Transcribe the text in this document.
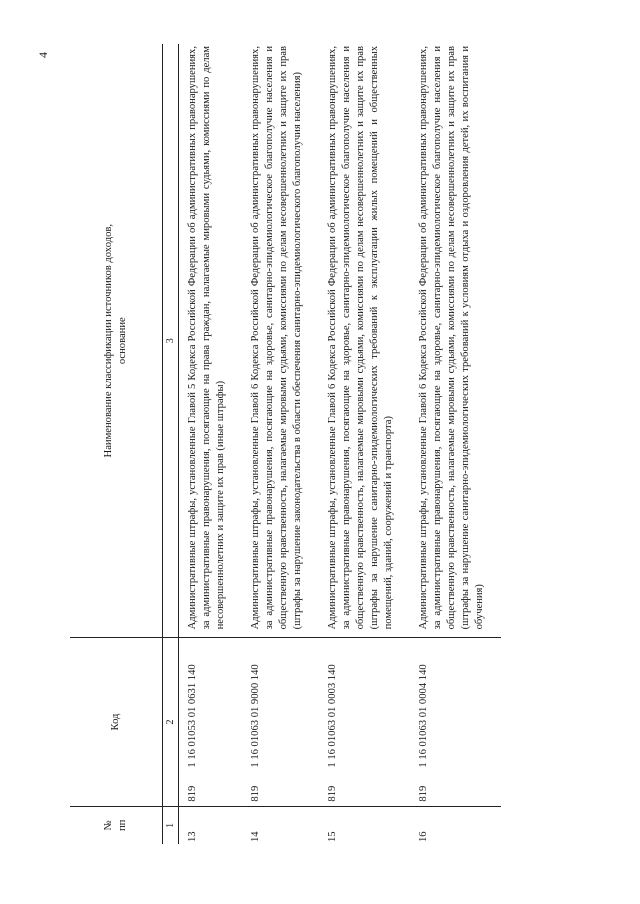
4
№
пп	Код	Наименование классификации источников доходов,
основание
1	2	3
13	8191 16 01053 01 0631 140	Административные штрафы, установленные Главой 5 Кодекса Российской Федерации об административных правонарушениях, за административные правонарушения, посягающие на права граждан, налагаемые мировыми судьями, комиссиями по делам несовершеннолетних и защите их прав (иные штрафы)
14	8191 16 01063 01 9000 140	Административные штрафы, установленные Главой 6 Кодекса Российской Федерации об административных правонарушениях, за административные правонарушения, посягающие на здоровье, санитарно-эпидемиологическое благополучие населения и общественную нравственность, налагаемые мировыми судьями, комиссиями по делам несовершеннолетних и защите их прав (штрафы за нарушение законодательства в области обеспечения санитарно-эпидемиологического благополучия населения)
15	8191 16 01063 01 0003 140	Административные штрафы, установленные Главой 6 Кодекса Российской Федерации об административных правонарушениях, за административные правонарушения, посягающие на здоровье, санитарно-эпидемиологическое благополучие населения и общественную нравственность, налагаемые мировыми судьями, комиссиями по делам несовершеннолетних и защите их прав (штрафы за нарушение санитарно-эпидемиологических требований к эксплуатации жилых помещений и общественных помещений, зданий, сооружений и транспорта)
16	8191 16 01063 01 0004 140	Административные штрафы, установленные Главой 6 Кодекса Российской Федерации об административных правонарушениях, за административные правонарушения, посягающие на здоровье, санитарно-эпидемиологическое благополучие населения и общественную нравственность, налагаемые мировыми судьями, комиссиями по делам несовершеннолетних и защите их прав (штрафы за нарушение санитарно-эпидемиологических требований к условиям отдыха и оздоровления детей, их воспитания и обучения)
